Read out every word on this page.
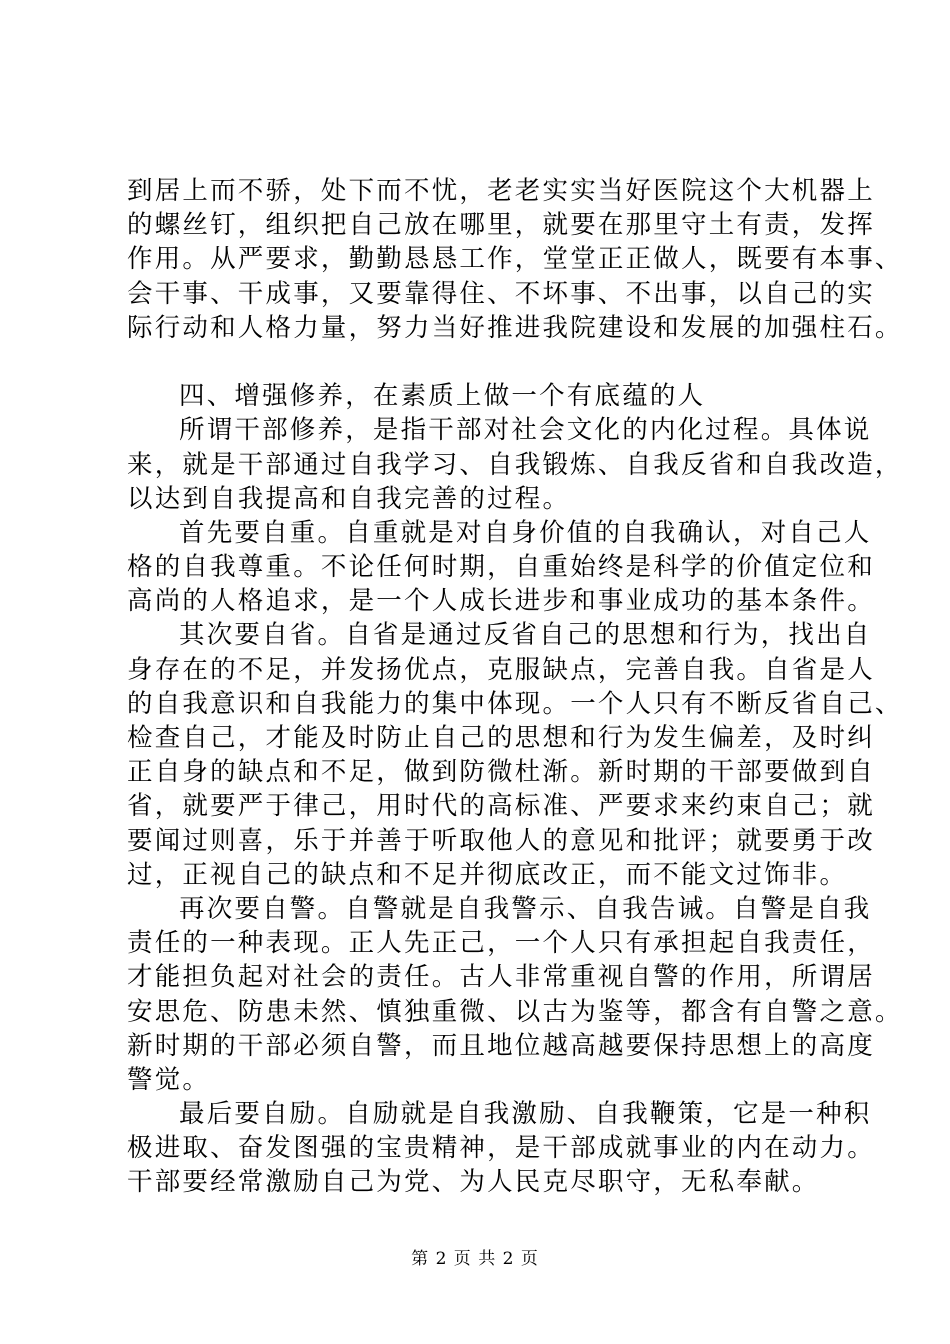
到居上而不骄，处下而不忧，老老实实当好医院这个大机器上
的螺丝钉，组织把自己放在哪里，就要在那里守土有责，发挥
作用。从严要求，勤勤恳恳工作，堂堂正正做人，既要有本事、
会干事、干成事，又要靠得住、不坏事、不出事，以自己的实
际行动和人格力量，努力当好推进我院建设和发展的加强柱石。
四、增强修养，在素质上做一个有底蕴的人
所谓干部修养，是指干部对社会文化的内化过程。具体说
来，就是干部通过自我学习、自我锻炼、自我反省和自我改造，
以达到自我提高和自我完善的过程。
首先要自重。自重就是对自身价值的自我确认，对自己人
格的自我尊重。不论任何时期，自重始终是科学的价值定位和
高尚的人格追求，是一个人成长进步和事业成功的基本条件。
其次要自省。自省是通过反省自己的思想和行为，找出自
身存在的不足，并发扬优点，克服缺点，完善自我。自省是人
的自我意识和自我能力的集中体现。一个人只有不断反省自己、
检查自己，才能及时防止自己的思想和行为发生偏差，及时纠
正自身的缺点和不足，做到防微杜渐。新时期的干部要做到自
省，就要严于律己，用时代的高标准、严要求来约束自己；就
要闻过则喜，乐于并善于听取他人的意见和批评；就要勇于改
过，正视自己的缺点和不足并彻底改正，而不能文过饰非。
再次要自警。自警就是自我警示、自我告诫。自警是自我
责任的一种表现。正人先正己，一个人只有承担起自我责任，
才能担负起对社会的责任。古人非常重视自警的作用，所谓居
安思危、防患未然、慎独重微、以古为鉴等，都含有自警之意。
新时期的干部必须自警，而且地位越高越要保持思想上的高度
警觉。
最后要自励。自励就是自我激励、自我鞭策，它是一种积
极进取、奋发图强的宝贵精神，是干部成就事业的内在动力。
干部要经常激励自己为党、为人民克尽职守，无私奉献。
第 2 页 共 2 页
